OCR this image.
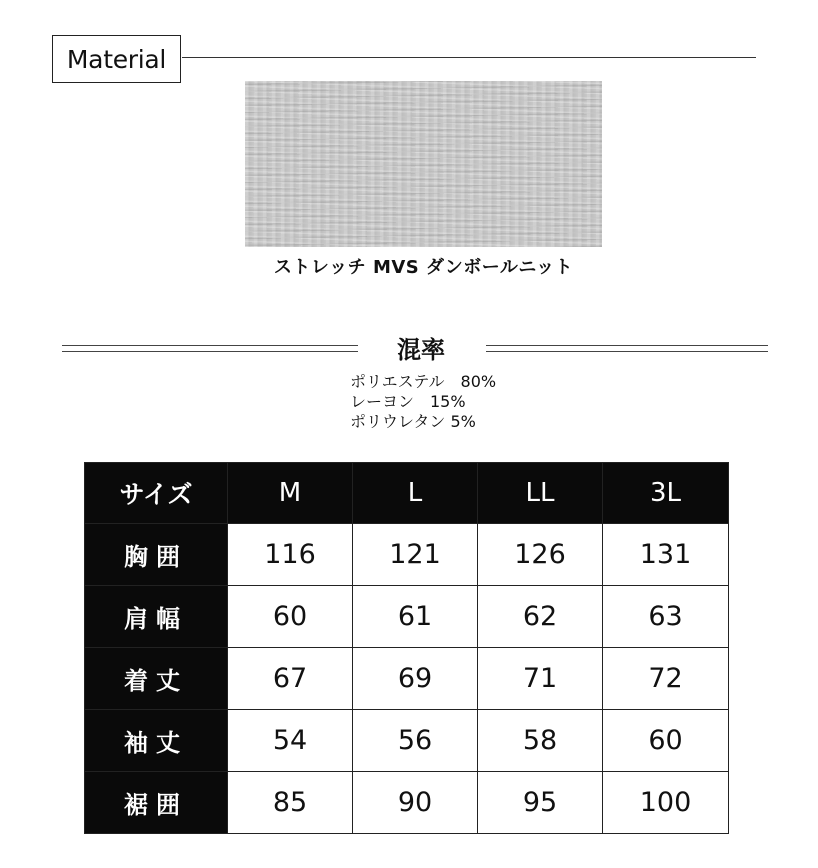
Material
ストレッチ MVS ダンボールニット
混率
ポリエステル　80%
レーヨン　15%
ポリウレタン 5%
サイズ	M	L	LL	3L
胸囲	116	121	126	131
肩幅	60	61	62	63
着丈	67	69	71	72
袖丈	54	56	58	60
裾囲	85	90	95	100
